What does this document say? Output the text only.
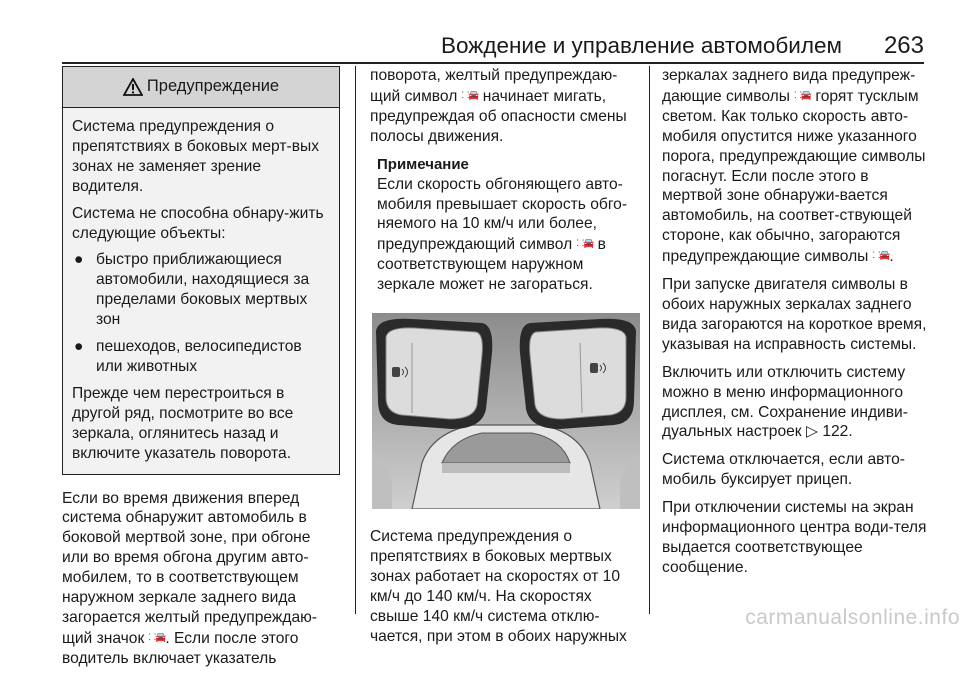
Вождение и управление автомобилем 263
Предупреждение

Система предупреждения о препятствиях в боковых мерт-вых зонах не заменяет зрение водителя.

Система не способна обнару-жить следующие объекты:

● быстро приближающиеся автомобили, находящиеся за пределами боковых мертвых зон
● пешеходов, велосипедистов или животных

Прежде чем перестроиться в другой ряд, посмотрите во все зеркала, оглянитесь назад и включите указатель поворота.

Если во время движения вперед система обнаружит автомобиль в боковой мертвой зоне, при обгоне или во время обгона другим авто-мобилем, то в соответствующем наружном зеркале заднего вида загорается желтый предупреждаю-щий значок ⸬🚘. Если после этого водитель включает указатель

поворота, желтый предупреждаю-щий символ ⸬🚘 начинает мигать, предупреждая об опасности смены полосы движения.

Примечание
Если скорость обгоняющего авто-мобиля превышает скорость обго-няемого на 10 км/ч или более, предупреждающий символ ⸬🚘 в соответствующем наружном зеркале может не загораться.

Система предупреждения о препятствиях в боковых мертвых зонах работает на скоростях от 10 км/ч до 140 км/ч. На скоростях свыше 140 км/ч система отклю-чается, при этом в обоих наружных

зеркалах заднего вида предупреж-дающие символы ⸬🚘 горят тусклым светом. Как только скорость авто-мобиля опустится ниже указанного порога, предупреждающие символы погаснут. Если после этого в мертвой зоне обнаружи-вается автомобиль, на соответ-ствующей стороне, как обычно, загораются предупреждающие символы ⸬🚘.

При запуске двигателя символы в обоих наружных зеркалах заднего вида загораются на короткое время, указывая на исправность системы.

Включить или отключить систему можно в меню информационного дисплея, см. Сохранение индиви-дуальных настроек ▷ 122.

Система отключается, если авто-мобиль буксирует прицеп.

При отключении системы на экран информационного центра води-теля выдается соответствующее сообщение.

carmanualsonline.info
